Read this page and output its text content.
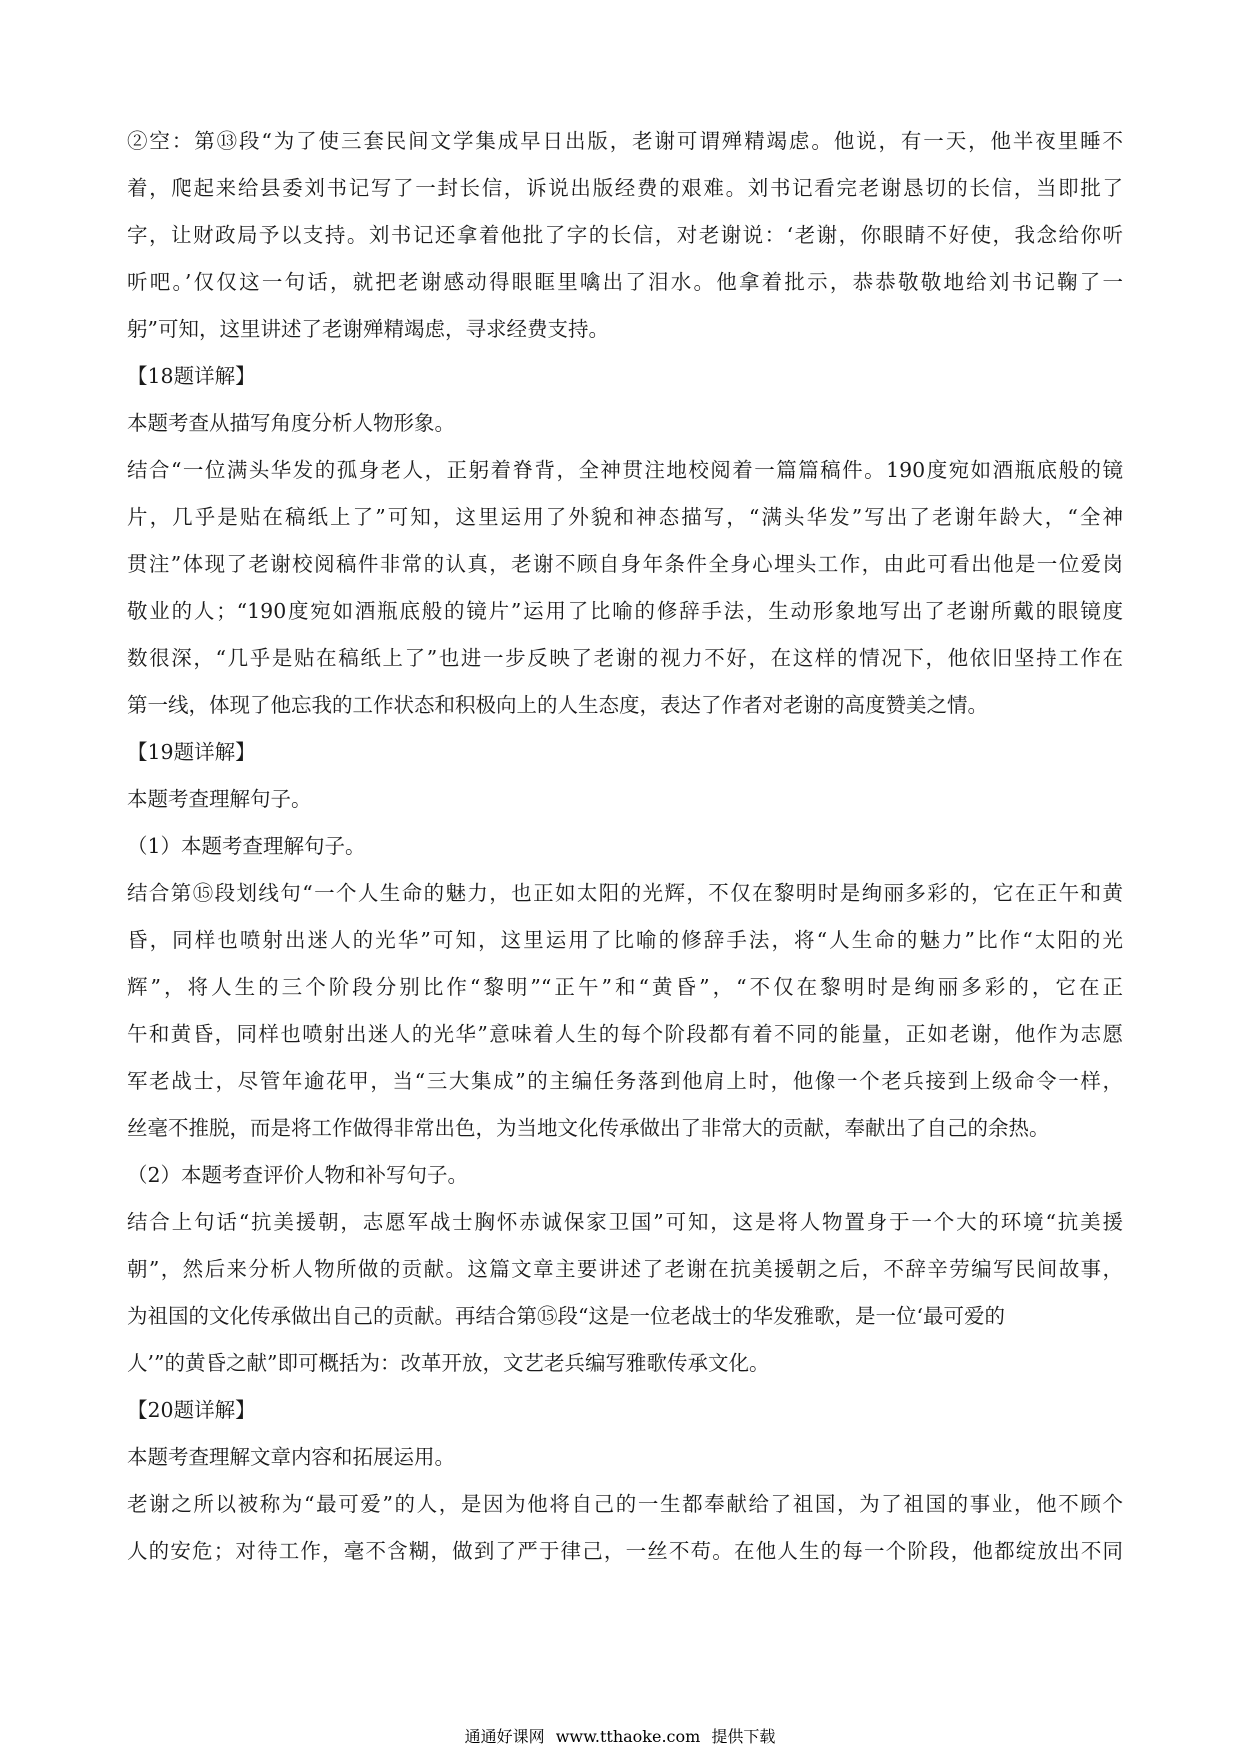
②空：第⑬段“为了使三套民间文学集成早日出版，老谢可谓殚精竭虑。他说，有一天，他半夜里睡不
着，爬起来给县委刘书记写了一封长信，诉说出版经费的艰难。刘书记看完老谢恳切的长信，当即批了
字，让财政局予以支持。刘书记还拿着他批了字的长信，对老谢说：‘老谢，你眼睛不好使，我念给你听
听吧。’仅仅这一句话，就把老谢感动得眼眶里噙出了泪水。他拿着批示，恭恭敬敬地给刘书记鞠了一
躬”可知，这里讲述了老谢殚精竭虑，寻求经费支持。
【18题详解】
本题考查从描写角度分析人物形象。
结合“一位满头华发的孤身老人，正躬着脊背，全神贯注地校阅着一篇篇稿件。190度宛如酒瓶底般的镜
片，几乎是贴在稿纸上了”可知，这里运用了外貌和神态描写，“满头华发”写出了老谢年龄大，“全神
贯注”体现了老谢校阅稿件非常的认真，老谢不顾自身年条件全身心埋头工作，由此可看出他是一位爱岗
敬业的人；“190度宛如酒瓶底般的镜片”运用了比喻的修辞手法，生动形象地写出了老谢所戴的眼镜度
数很深，“几乎是贴在稿纸上了”也进一步反映了老谢的视力不好，在这样的情况下，他依旧坚持工作在
第一线，体现了他忘我的工作状态和积极向上的人生态度，表达了作者对老谢的高度赞美之情。
【19题详解】
本题考查理解句子。
（1）本题考查理解句子。
结合第⑮段划线句“一个人生命的魅力，也正如太阳的光辉，不仅在黎明时是绚丽多彩的，它在正午和黄
昏，同样也喷射出迷人的光华”可知，这里运用了比喻的修辞手法，将“人生命的魅力”比作“太阳的光
辉”，将人生的三个阶段分别比作“黎明”“正午”和“黄昏”，“不仅在黎明时是绚丽多彩的，它在正
午和黄昏，同样也喷射出迷人的光华”意味着人生的每个阶段都有着不同的能量，正如老谢，他作为志愿
军老战士，尽管年逾花甲，当“三大集成”的主编任务落到他肩上时，他像一个老兵接到上级命令一样，
丝毫不推脱，而是将工作做得非常出色，为当地文化传承做出了非常大的贡献，奉献出了自己的余热。
（2）本题考查评价人物和补写句子。
结合上句话“抗美援朝，志愿军战士胸怀赤诚保家卫国”可知，这是将人物置身于一个大的环境“抗美援
朝”，然后来分析人物所做的贡献。这篇文章主要讲述了老谢在抗美援朝之后，不辞辛劳编写民间故事，
为祖国的文化传承做出自己的贡献。再结合第⑮段“这是一位老战士的华发雅歌，是一位‘最可爱的
人’”的黄昏之献”即可概括为：改革开放，文艺老兵编写雅歌传承文化。
【20题详解】
本题考查理解文章内容和拓展运用。
老谢之所以被称为“最可爱”的人，是因为他将自己的一生都奉献给了祖国，为了祖国的事业，他不顾个
人的安危；对待工作，毫不含糊，做到了严于律己，一丝不苟。在他人生的每一个阶段，他都绽放出不同
通通好课网 www.tthaoke.com 提供下载
